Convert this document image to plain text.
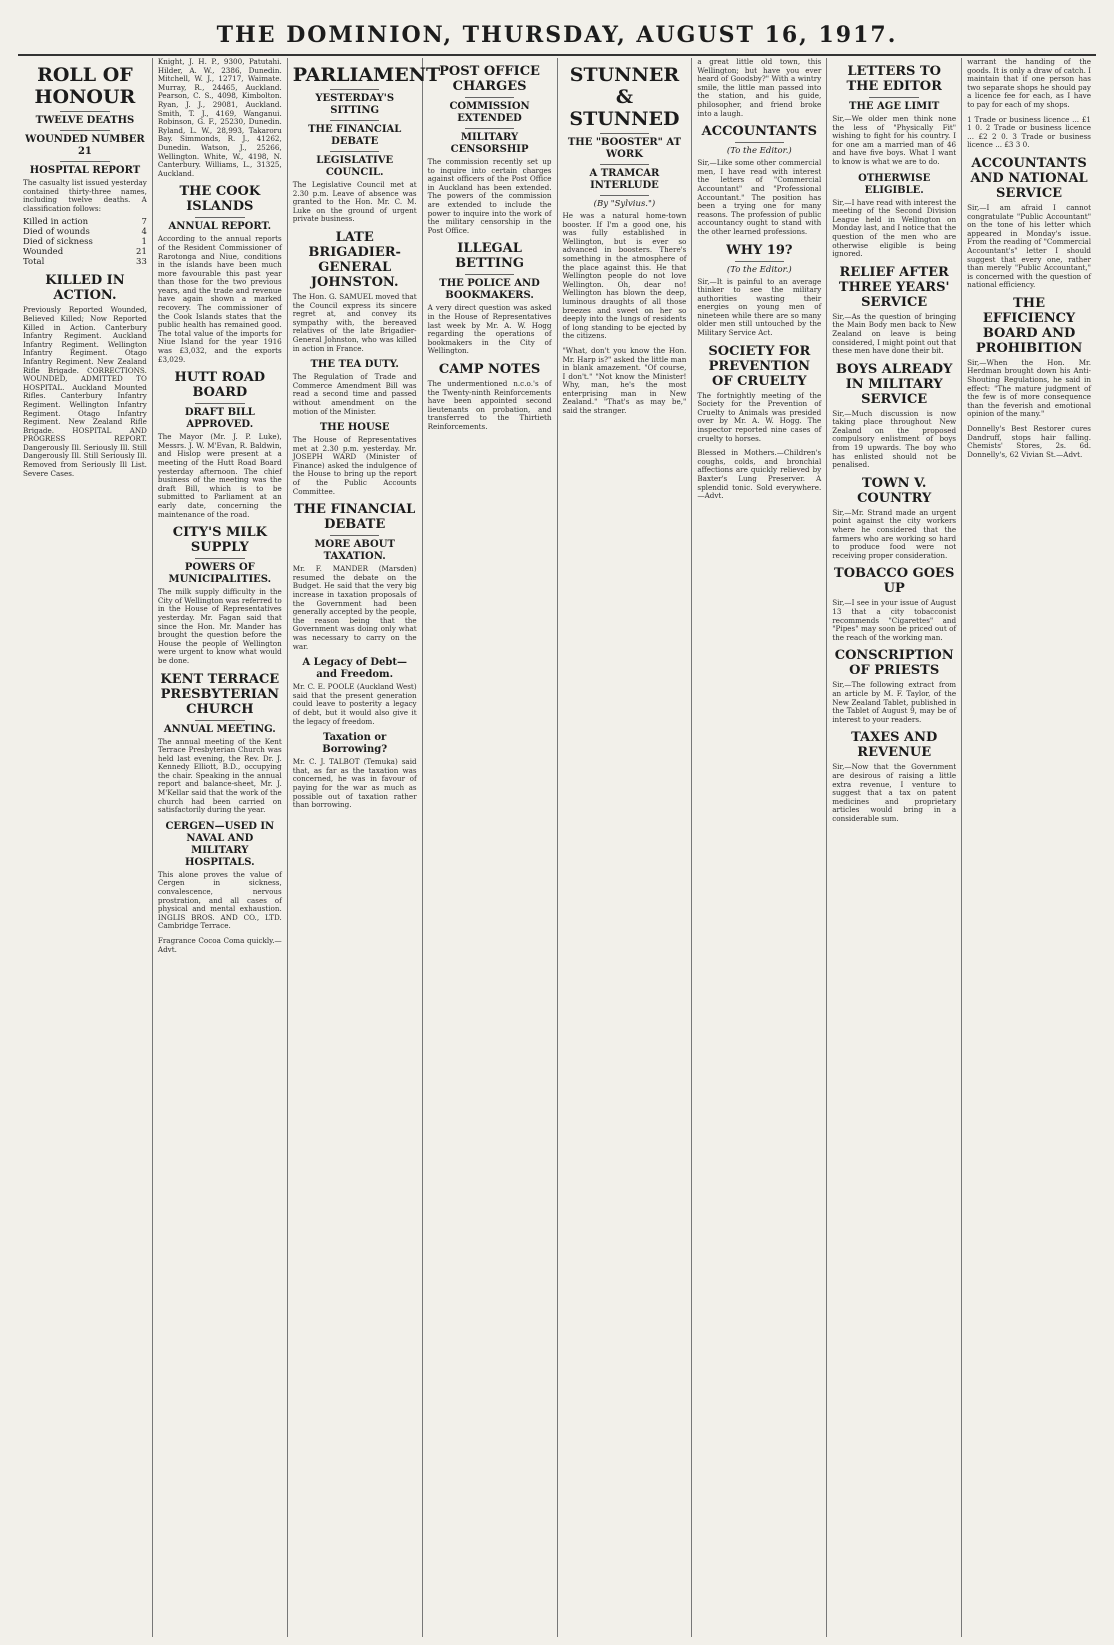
THE DOMINION, THURSDAY, AUGUST 16, 1917.
ROLL OF HONOUR
TWELVE DEATHS
WOUNDED NUMBER 21
HOSPITAL REPORT
The casualty list issued yesterday contained thirty-three names, including twelve deaths. A classification follows:
Killed in action	7
Died of wounds	4
Died of sickness	1
Wounded	21
Total	33
KILLED IN ACTION.
Previously Reported Wounded, Believed Killed; Now Reported Killed in Action. Canterbury Infantry Regiment. Auckland Infantry Regiment. Wellington Infantry Regiment. Otago Infantry Regiment. New Zealand Rifle Brigade. CORRECTIONS. WOUNDED, ADMITTED TO HOSPITAL. Auckland Mounted Rifles. Canterbury Infantry Regiment. Wellington Infantry Regiment. Otago Infantry Regiment. New Zealand Rifle Brigade. HOSPITAL AND PROGRESS REPORT. Dangerously Ill. Seriously Ill. Still Dangerously Ill. Still Seriously Ill. Removed from Seriously Ill List. Severe Cases.
Knight, J. H. P., 9300, Patutahi. Hilder, A. W., 2386, Dunedin. Mitchell, W. J., 12717, Waimate. Murray, R., 24465, Auckland. Pearson, C. S., 4098, Kimbolton. Ryan, J. J., 29081, Auckland. Smith, T. J., 4169, Wanganui. Robinson, G. F., 25230, Dunedin. Ryland, L. W., 28,993, Takaroru Bay. Simmonds, R. J., 41262, Dunedin. Watson, J., 25266, Wellington. White, W., 4198, N. Canterbury. Williams, L., 31325, Auckland.
THE COOK ISLANDS
ANNUAL REPORT.
According to the annual reports of the Resident Commissioner of Rarotonga and Niue, conditions in the islands have been much more favourable this past year than those for the two previous years, and the trade and revenue have again shown a marked recovery. The commissioner of the Cook Islands states that the public health has remained good. The total value of the imports for Niue Island for the year 1916 was £3,032, and the exports £3,029.
HUTT ROAD BOARD
DRAFT BILL APPROVED.
The Mayor (Mr. J. P. Luke), Messrs. J. W. M'Evan, R. Baldwin, and Hislop were present at a meeting of the Hutt Road Board yesterday afternoon. The chief business of the meeting was the draft Bill, which is to be submitted to Parliament at an early date, concerning the maintenance of the road.
CITY'S MILK SUPPLY
POWERS OF MUNICIPALITIES.
The milk supply difficulty in the City of Wellington was referred to in the House of Representatives yesterday. Mr. Fagan said that since the Hon. Mr. Mander has brought the question before the House the people of Wellington were urgent to know what would be done.
KENT TERRACE PRESBYTERIAN CHURCH
ANNUAL MEETING.
The annual meeting of the Kent Terrace Presbyterian Church was held last evening, the Rev. Dr. J. Kennedy Elliott, B.D., occupying the chair. Speaking in the annual report and balance-sheet, Mr. J. M'Kellar said that the work of the church had been carried on satisfactorily during the year.
CERGEN—USED IN NAVAL AND MILITARY HOSPITALS.
This alone proves the value of Cergen in sickness, convalescence, nervous prostration, and all cases of physical and mental exhaustion. INGLIS BROS. AND CO., LTD. Cambridge Terrace.
Fragrance Cocoa Coma quickly.—Advt.
PARLIAMENT
YESTERDAY'S SITTING
THE FINANCIAL DEBATE
LEGISLATIVE COUNCIL.
The Legislative Council met at 2.30 p.m. Leave of absence was granted to the Hon. Mr. C. M. Luke on the ground of urgent private business.
LATE BRIGADIER-GENERAL JOHNSTON.
The Hon. G. SAMUEL moved that the Council express its sincere regret at, and convey its sympathy with, the bereaved relatives of the late Brigadier-General Johnston, who was killed in action in France.
THE TEA DUTY.
The Regulation of Trade and Commerce Amendment Bill was read a second time and passed without amendment on the motion of the Minister.
THE HOUSE
The House of Representatives met at 2.30 p.m. yesterday. Mr. JOSEPH WARD (Minister of Finance) asked the indulgence of the House to bring up the report of the Public Accounts Committee.
THE FINANCIAL DEBATE
MORE ABOUT TAXATION.
Mr. F. MANDER (Marsden) resumed the debate on the Budget. He said that the very big increase in taxation proposals of the Government had been generally accepted by the people, the reason being that the Government was doing only what was necessary to carry on the war.
A Legacy of Debt—and Freedom.
Mr. C. E. POOLE (Auckland West) said that the present generation could leave to posterity a legacy of debt, but it would also give it the legacy of freedom.
Taxation or Borrowing?
Mr. C. J. TALBOT (Temuka) said that, as far as the taxation was concerned, he was in favour of paying for the war as much as possible out of taxation rather than borrowing.
POST OFFICE CHARGES
COMMISSION EXTENDED
MILITARY CENSORSHIP
The commission recently set up to inquire into certain charges against officers of the Post Office in Auckland has been extended. The powers of the commission are extended to include the power to inquire into the work of the military censorship in the Post Office.
ILLEGAL BETTING
THE POLICE AND BOOKMAKERS.
A very direct question was asked in the House of Representatives last week by Mr. A. W. Hogg regarding the operations of bookmakers in the City of Wellington.
CAMP NOTES
The undermentioned n.c.o.'s of the Twenty-ninth Reinforcements have been appointed second lieutenants on probation, and transferred to the Thirtieth Reinforcements.
STUNNER & STUNNED
THE "BOOSTER" AT WORK
A TRAMCAR INTERLUDE
(By "Sylvius.")
He was a natural home-town booster. If I'm a good one, his was fully established in Wellington, but is ever so advanced in boosters. There's something in the atmosphere of the place against this. He that Wellington people do not love Wellington. Oh, dear no! Wellington has blown the deep, luminous draughts of all those breezes and sweet on her so deeply into the lungs of residents of long standing to be ejected by the citizens.
"What, don't you know the Hon. Mr. Harp is?" asked the little man in blank amazement. "Of course, I don't." "Not know the Minister! Why, man, he's the most enterprising man in New Zealand." "That's as may be," said the stranger.
a great little old town, this Wellington; but have you ever heard of Goodsby?" With a wintry smile, the little man passed into the station, and his guide, philosopher, and friend broke into a laugh.
ACCOUNTANTS
(To the Editor.)
Sir,—Like some other commercial men, I have read with interest the letters of "Commercial Accountant" and "Professional Accountant." The position has been a trying one for many reasons. The profession of public accountancy ought to stand with the other learned professions.
WHY 19?
(To the Editor.)
Sir,—It is painful to an average thinker to see the military authorities wasting their energies on young men of nineteen while there are so many older men still untouched by the Military Service Act.
SOCIETY FOR PREVENTION OF CRUELTY
The fortnightly meeting of the Society for the Prevention of Cruelty to Animals was presided over by Mr. A. W. Hogg. The inspector reported nine cases of cruelty to horses.
Blessed in Mothers.—Children's coughs, colds, and bronchial affections are quickly relieved by Baxter's Lung Preserver. A splendid tonic. Sold everywhere.—Advt.
LETTERS TO THE EDITOR
THE AGE LIMIT
Sir,—We older men think none the less of "Physically Fit" wishing to fight for his country. I for one am a married man of 46 and have five boys. What I want to know is what we are to do.
OTHERWISE ELIGIBLE.
Sir,—I have read with interest the meeting of the Second Division League held in Wellington on Monday last, and I notice that the question of the men who are otherwise eligible is being ignored.
RELIEF AFTER THREE YEARS' SERVICE
Sir,—As the question of bringing the Main Body men back to New Zealand on leave is being considered, I might point out that these men have done their bit.
BOYS ALREADY IN MILITARY SERVICE
Sir,—Much discussion is now taking place throughout New Zealand on the proposed compulsory enlistment of boys from 19 upwards. The boy who has enlisted should not be penalised.
TOWN V. COUNTRY
Sir,—Mr. Strand made an urgent point against the city workers where he considered that the farmers who are working so hard to produce food were not receiving proper consideration.
TOBACCO GOES UP
Sir,—I see in your issue of August 13 that a city tobacconist recommends "Cigarettes" and "Pipes" may soon be priced out of the reach of the working man.
CONSCRIPTION OF PRIESTS
Sir,—The following extract from an article by M. F. Taylor, of the New Zealand Tablet, published in the Tablet of August 9, may be of interest to your readers.
TAXES AND REVENUE
Sir,—Now that the Government are desirous of raising a little extra revenue, I venture to suggest that a tax on patent medicines and proprietary articles would bring in a considerable sum.
warrant the handing of the goods. It is only a draw of catch. I maintain that if one person has two separate shops he should pay a licence fee for each, as I have to pay for each of my shops.
1 Trade or business licence ... £1 1 0. 2 Trade or business licence ... £2 2 0. 3 Trade or business licence ... £3 3 0.
ACCOUNTANTS AND NATIONAL SERVICE
Sir,—I am afraid I cannot congratulate "Public Accountant" on the tone of his letter which appeared in Monday's issue. From the reading of "Commercial Accountant's" letter I should suggest that every one, rather than merely "Public Accountant," is concerned with the question of national efficiency.
THE EFFICIENCY BOARD AND PROHIBITION
Sir,—When the Hon. Mr. Herdman brought down his Anti-Shouting Regulations, he said in effect: "The mature judgment of the few is of more consequence than the feverish and emotional opinion of the many."
Donnelly's Best Restorer cures Dandruff, stops hair falling. Chemists' Stores, 2s. 6d. Donnelly's, 62 Vivian St.—Advt.
